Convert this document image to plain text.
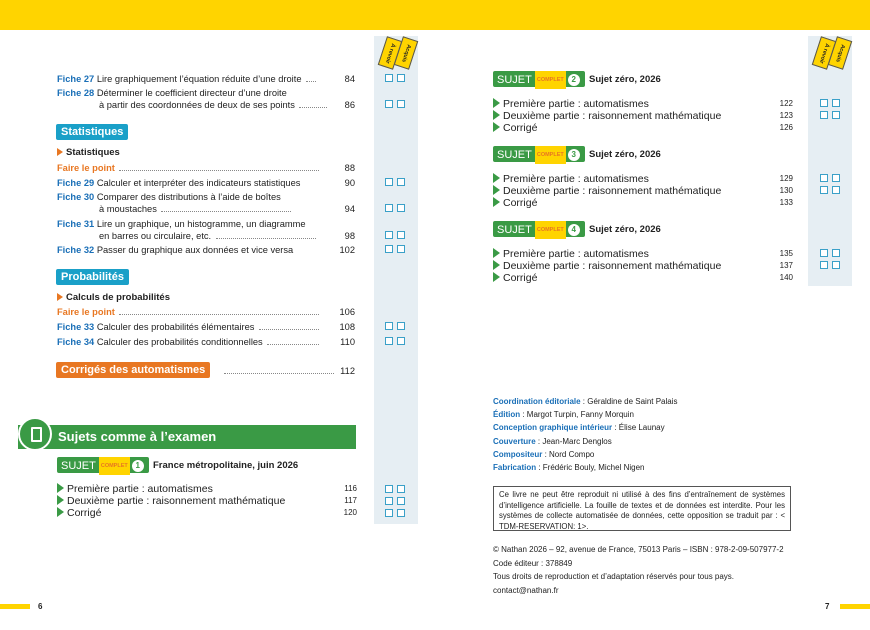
6	7
À revoir Acquis	À revoir Acquis
Fiche 27 Lire graphiquement l’équation réduite d’une droite	84
Fiche 28 Déterminer le coefficient directeur d’une droite
à partir des coordonnées de deux de ses points	86
Statistiques
Statistiques
Faire le point	88
Fiche 29 Calculer et interpréter des indicateurs statistiques	90
Fiche 30 Comparer des distributions à l’aide de boîtes
à moustaches	94
Fiche 31 Lire un graphique, un histogramme, un diagramme
en barres ou circulaire, etc.	98
Fiche 32 Passer du graphique aux données et vice versa	102
Probabilités
Calculs de probabilités
Faire le point	106
Fiche 33 Calculer des probabilités élémentaires	108
Fiche 34 Calculer des probabilités conditionnelles	110
Corrigés des automatismes	112
Sujets comme à l’examen
SUJET COMPLET 1	France métropolitaine, juin 2026
Première partie : automatismes	116
Deuxième partie : raisonnement mathématique	117
Corrigé	120
SUJET COMPLET 2	Sujet zéro, 2026
Première partie : automatismes	122
Deuxième partie : raisonnement mathématique	123
Corrigé	126
SUJET COMPLET 3	Sujet zéro, 2026
Première partie : automatismes	129
Deuxième partie : raisonnement mathématique	130
Corrigé	133
SUJET COMPLET 4	Sujet zéro, 2026
Première partie : automatismes	135
Deuxième partie : raisonnement mathématique	137
Corrigé	140
Coordination éditoriale : Géraldine de Saint Palais
Édition : Margot Turpin, Fanny Morquin
Conception graphique intérieur : Élise Launay
Couverture : Jean-Marc Denglos
Compositeur : Nord Compo
Fabrication : Frédéric Bouly, Michel Nigen
Ce livre ne peut être reproduit ni utilisé à des fins d’entraînement de systèmes d’intelligence artificielle. La fouille de textes et de données est interdite. Pour les systèmes de collecte automatisée de données, cette opposition se traduit par : < TDM-RESERVATION: 1>.
© Nathan 2026 – 92, avenue de France, 75013 Paris – ISBN : 978-2-09-507977-2
Code éditeur : 378849
Tous droits de reproduction et d’adaptation réservés pour tous pays.
contact@nathan.fr
